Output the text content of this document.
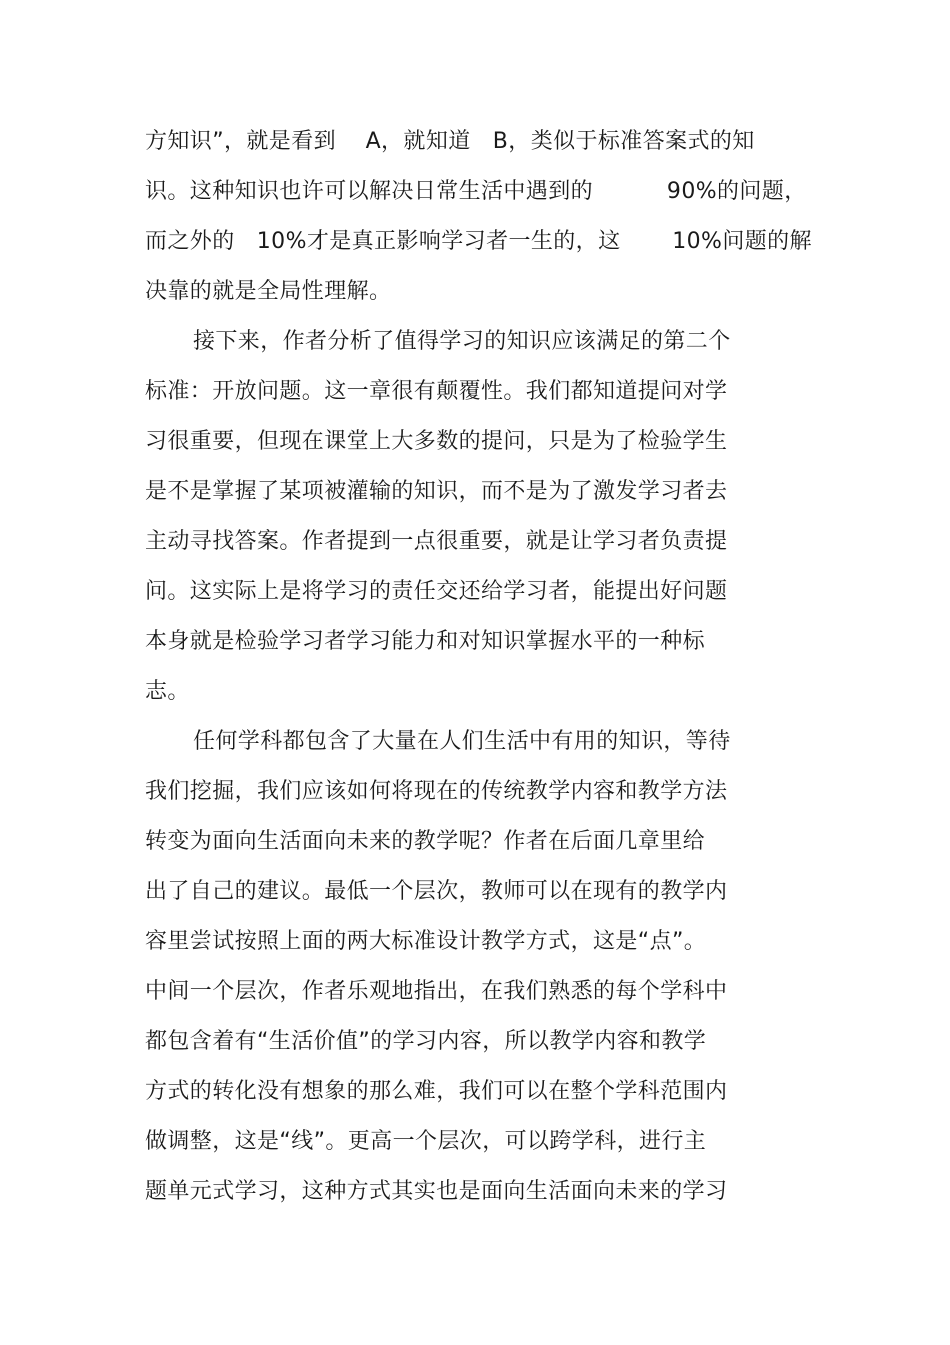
方知识”，就是看到    A，就知道   B，类似于标准答案式的知
识。这种知识也许可以解决日常生活中遇到的          90%的问题，
而之外的   10%才是真正影响学习者一生的，这       10%问题的解
决靠的就是全局性理解。
接下来，作者分析了值得学习的知识应该满足的第二个
标准：开放问题。这一章很有颠覆性。我们都知道提问对学
习很重要，但现在课堂上大多数的提问，只是为了检验学生
是不是掌握了某项被灌输的知识，而不是为了激发学习者去
主动寻找答案。作者提到一点很重要，就是让学习者负责提
问。这实际上是将学习的责任交还给学习者，能提出好问题
本身就是检验学习者学习能力和对知识掌握水平的一种标
志。
任何学科都包含了大量在人们生活中有用的知识，等待
我们挖掘，我们应该如何将现在的传统教学内容和教学方法
转变为面向生活面向未来的教学呢？作者在后面几章里给
出了自己的建议。最低一个层次，教师可以在现有的教学内
容里尝试按照上面的两大标准设计教学方式，这是“点”。
中间一个层次，作者乐观地指出，在我们熟悉的每个学科中
都包含着有“生活价值”的学习内容，所以教学内容和教学
方式的转化没有想象的那么难，我们可以在整个学科范围内
做调整，这是“线”。更高一个层次，可以跨学科，进行主
题单元式学习，这种方式其实也是面向生活面向未来的学习
